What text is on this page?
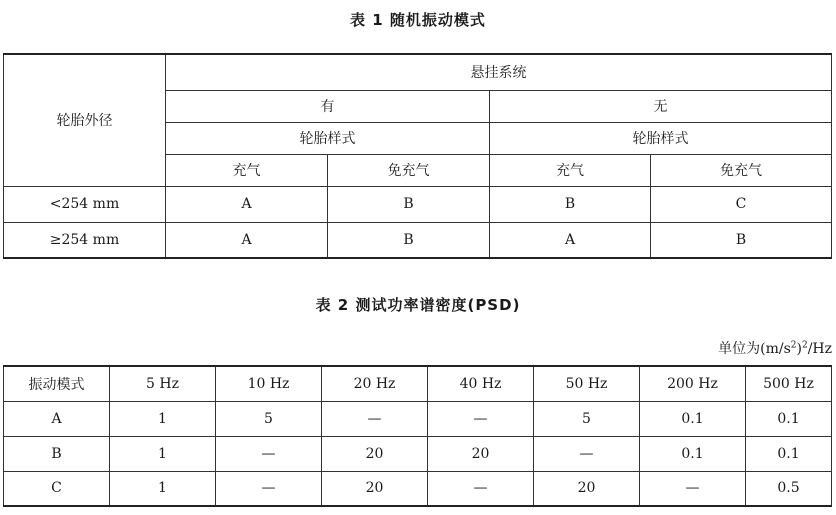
表 1 随机振动模式
轮胎外径	悬挂系统			
	有		无	
	轮胎样式		轮胎样式	
	充气	免充气	充气	免充气
<254 mm	A	B	B	C
≥254 mm	A	B	A	B
表 2 测试功率谱密度(PSD)
单位为$(m/s^2)^2/Hz$
振动模式	5 Hz	10 Hz	20 Hz	40 Hz	50 Hz	200 Hz	500 Hz
A	1	5	—	—	5	0.1	0.1
B	1	—	20	20	—	0.1	0.1
C	1	—	20	—	20	—	0.5
